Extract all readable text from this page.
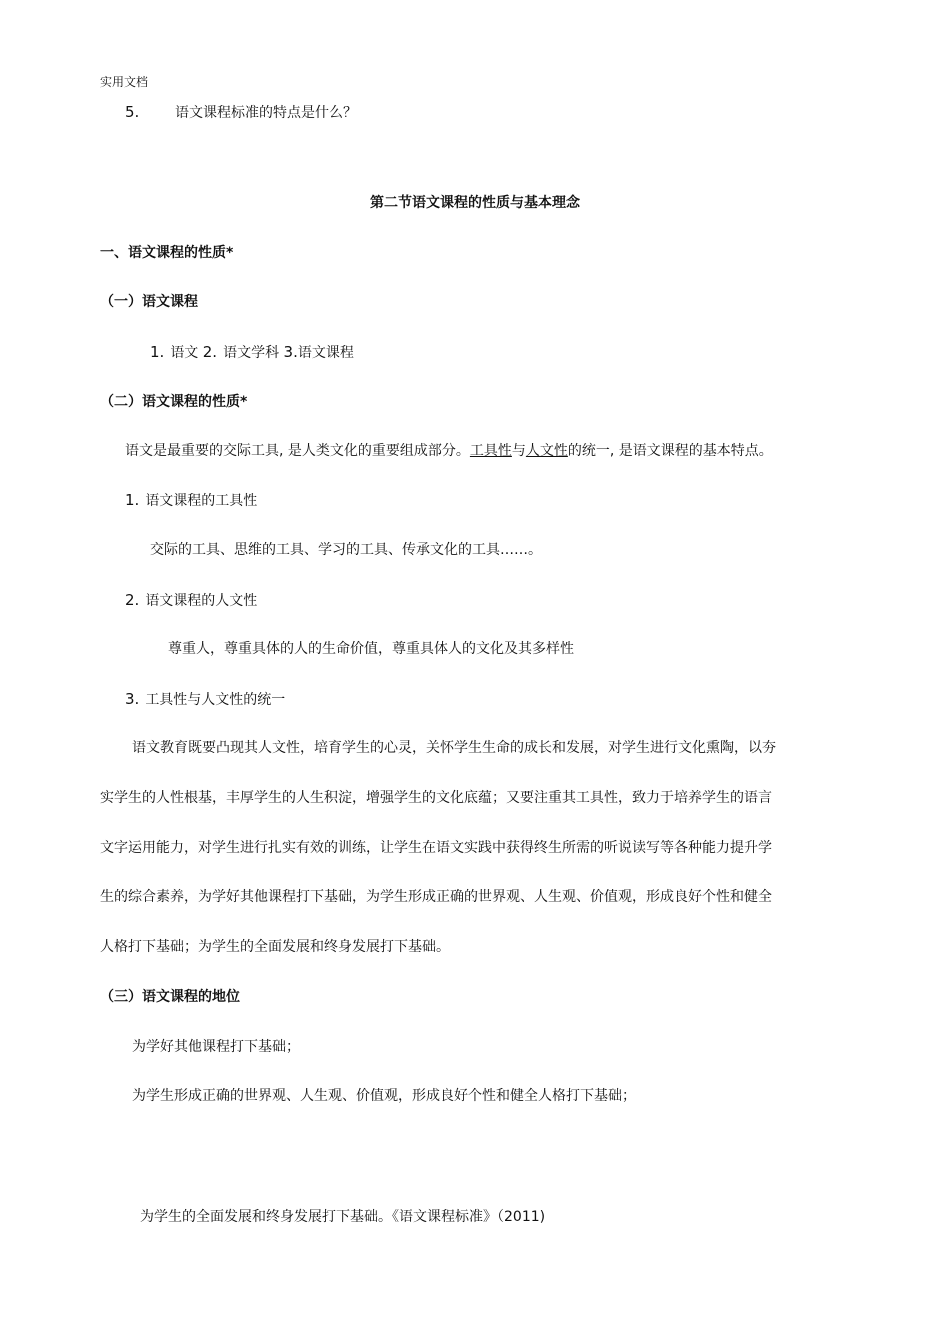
实用文档
5.	语文课程标准的特点是什么？
第二节语文课程的性质与基本理念
一、语文课程的性质*
（一）语文课程
1. 语文 2. 语文学科 3.语文课程
（二）语文课程的性质*
语文是最重要的交际工具, 是人类文化的重要组成部分。工具性与人文性的统一, 是语文课程的基本特点。
1. 语文课程的工具性
交际的工具、思维的工具、学习的工具、传承文化的工具……。
2. 语文课程的人文性
尊重人，尊重具体的人的生命价值，尊重具体人的文化及其多样性
3. 工具性与人文性的统一
语文教育既要凸现其人文性，培育学生的心灵，关怀学生生命的成长和发展，对学生进行文化熏陶，以夯
实学生的人性根基，丰厚学生的人生积淀，增强学生的文化底蕴；又要注重其工具性，致力于培养学生的语言
文字运用能力，对学生进行扎实有效的训练，让学生在语文实践中获得终生所需的听说读写等各种能力提升学
生的综合素养，为学好其他课程打下基础，为学生形成正确的世界观、人生观、价值观，形成良好个性和健全
人格打下基础；为学生的全面发展和终身发展打下基础。
（三）语文课程的地位
为学好其他课程打下基础；
为学生形成正确的世界观、人生观、价值观，形成良好个性和健全人格打下基础；
为学生的全面发展和终身发展打下基础。《语文课程标准》（2011)
